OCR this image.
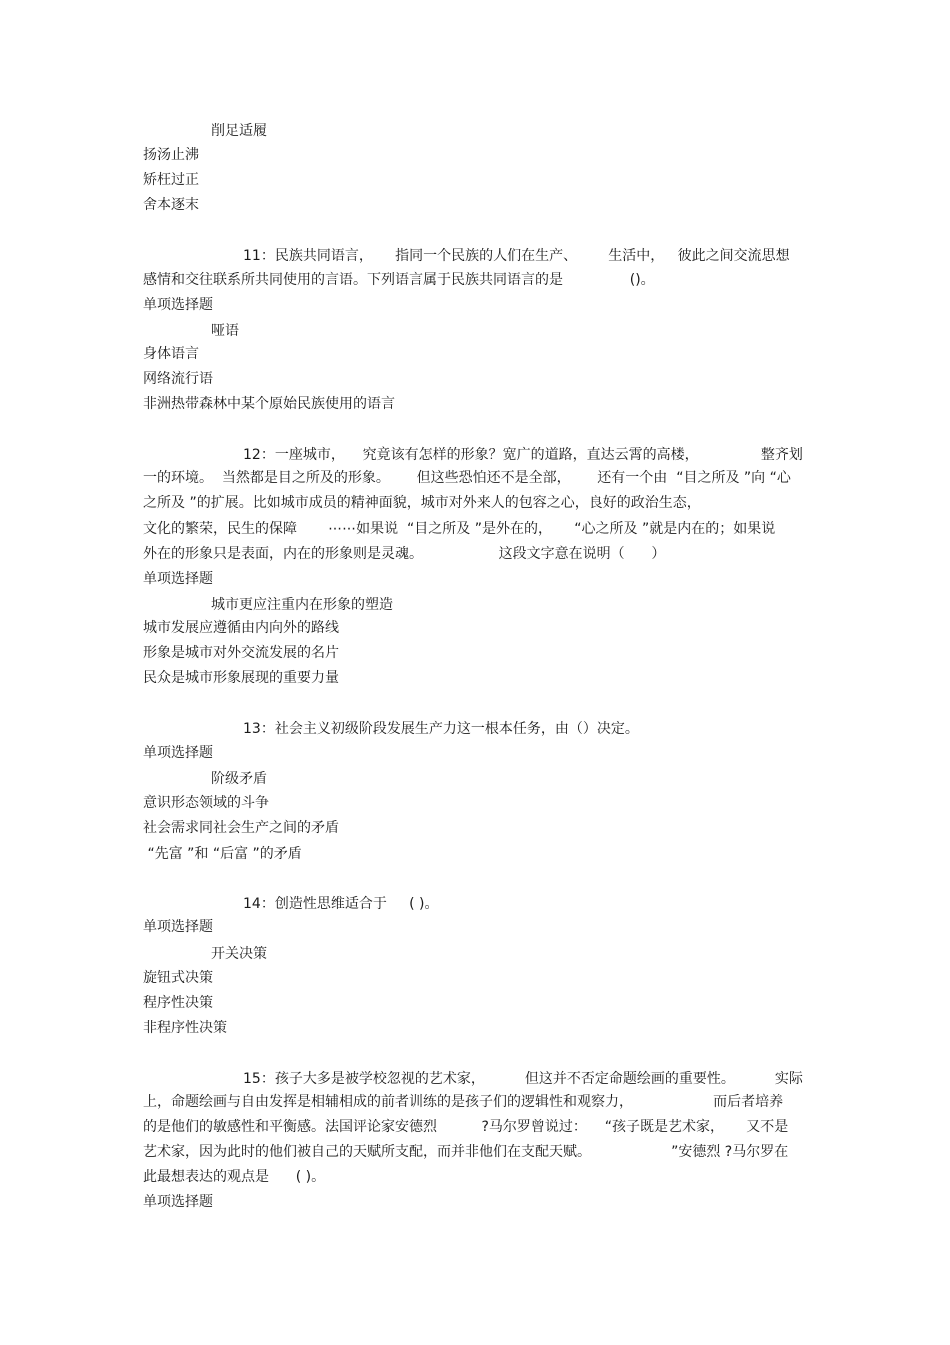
削足适履
扬汤止沸
矫枉过正
舍本逐末
11：民族共同语言，     指同一个民族的人们在生产、       生活中，   彼此之间交流思想
感情和交往联系所共同使用的言语。下列语言属于民族共同语言的是               ()。
单项选择题
哑语
身体语言
网络流行语
非洲热带森林中某个原始民族使用的语言
12：一座城市，    究竟该有怎样的形象？宽广的道路，直达云霄的高楼，              整齐划
一的环境。  当然都是目之所及的形象。      但这些恐怕还不是全部，      还有一个由  “目之所及 ”向 “心
之所及 ”的扩展。比如城市成员的精神面貌，城市对外来人的包容之心，良好的政治生态，
文化的繁荣，民生的保障       ⋯⋯如果说  “目之所及 ”是外在的，     “心之所及 ”就是内在的；如果说
外在的形象只是表面，内在的形象则是灵魂。                 这段文字意在说明（      ）
单项选择题
城市更应注重内在形象的塑造
城市发展应遵循由内向外的路线
形象是城市对外交流发展的名片
民众是城市形象展现的重要力量
13：社会主义初级阶段发展生产力这一根本任务，由（）决定。
单项选择题
阶级矛盾
意识形态领域的斗争
社会需求同社会生产之间的矛盾
“先富 ”和 “后富 ”的矛盾
14：创造性思维适合于     ( )。
单项选择题
开关决策
旋钮式决策
程序性决策
非程序性决策
15：孩子大多是被学校忽视的艺术家，         但这并不否定命题绘画的重要性。         实际
上，命题绘画与自由发挥是相辅相成的前者训练的是孩子们的逻辑性和观察力，                  而后者培养
的是他们的敏感性和平衡感。法国评论家安德烈          ?马尔罗曾说过：    “孩子既是艺术家，     又不是
艺术家，因为此时的他们被自己的天赋所支配，而并非他们在支配天赋。                  ”安德烈 ?马尔罗在
此最想表达的观点是      ( )。
单项选择题
